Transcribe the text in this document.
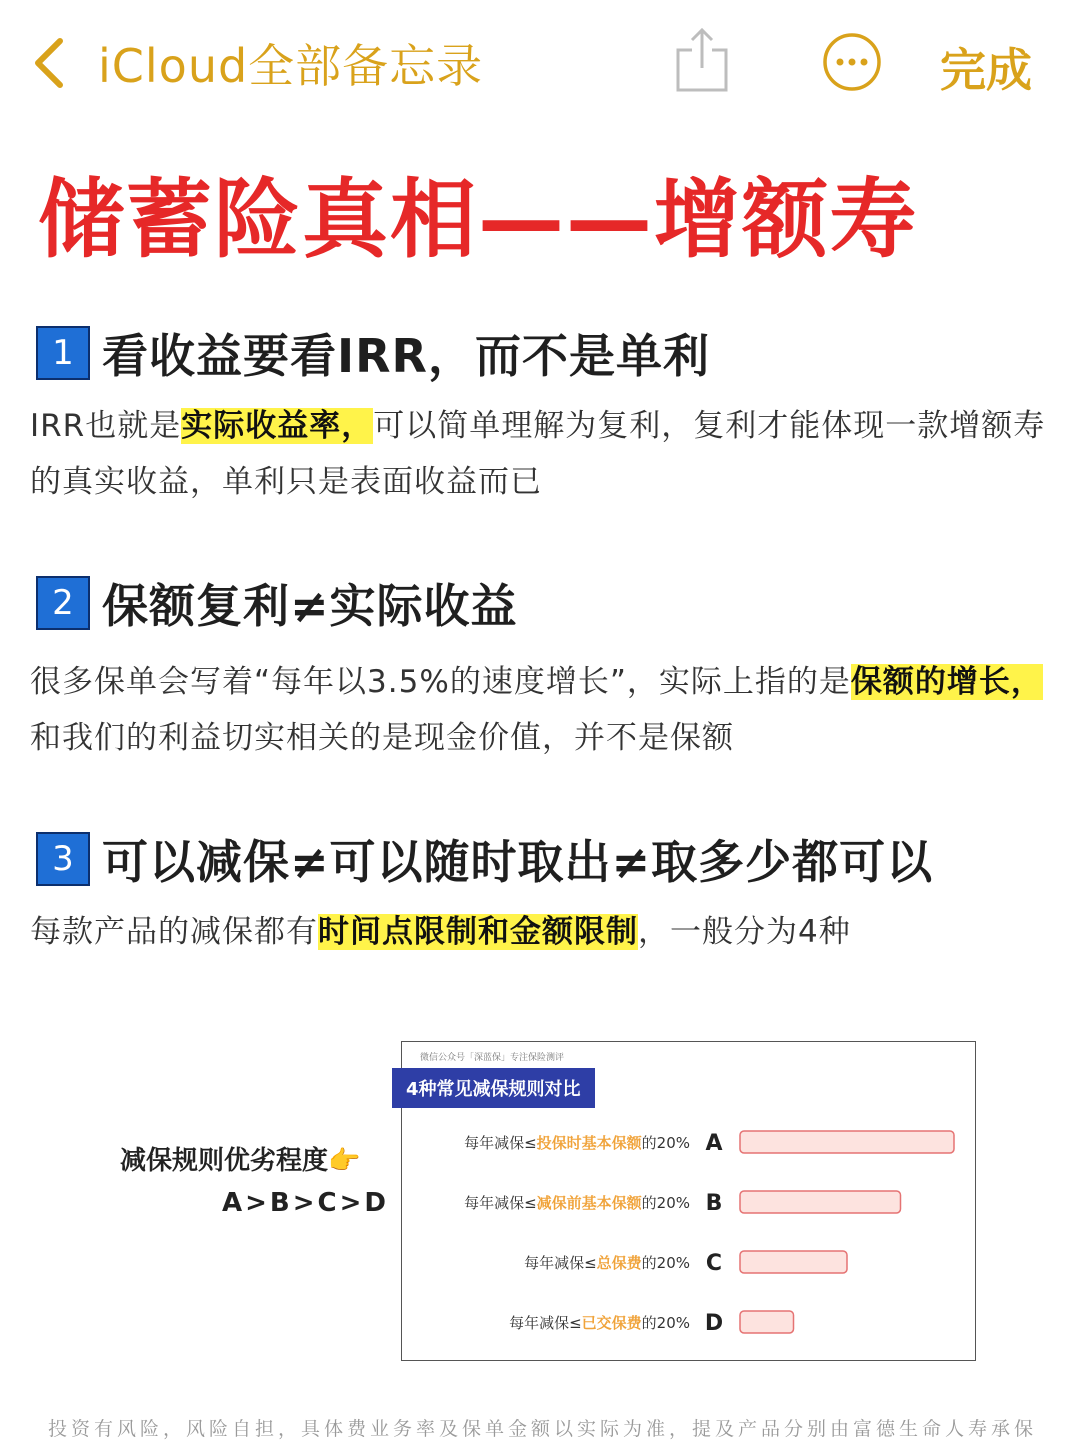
iCloud全部备忘录	完成
储蓄险真相——增额寿
1 看收益要看IRR，而不是单利
IRR也就是实际收益率，可以简单理解为复利，复利才能体现一款增额寿的真实收益，单利只是表面收益而已
2 保额复利≠实际收益
很多保单会写着“每年以3.5%的速度增长”，实际上指的是保额的增长，和我们的利益切实相关的是现金价值，并不是保额
3 可以减保≠可以随时取出≠取多少都可以
每款产品的减保都有时间点限制和金额限制，一般分为4种
减保规则优劣程度👉
A>B>C>D
微信公众号「深蓝保」专注保险测评
4种常见减保规则对比
每年减保≤投保时基本保额的20% A
每年减保≤减保前基本保额的20% B
每年减保≤总保费的20% C
每年减保≤已交保费的20% D
投资有风险，风险自担，具体费业务率及保单金额以实际为准，提及产品分别由富德生命人寿承保
